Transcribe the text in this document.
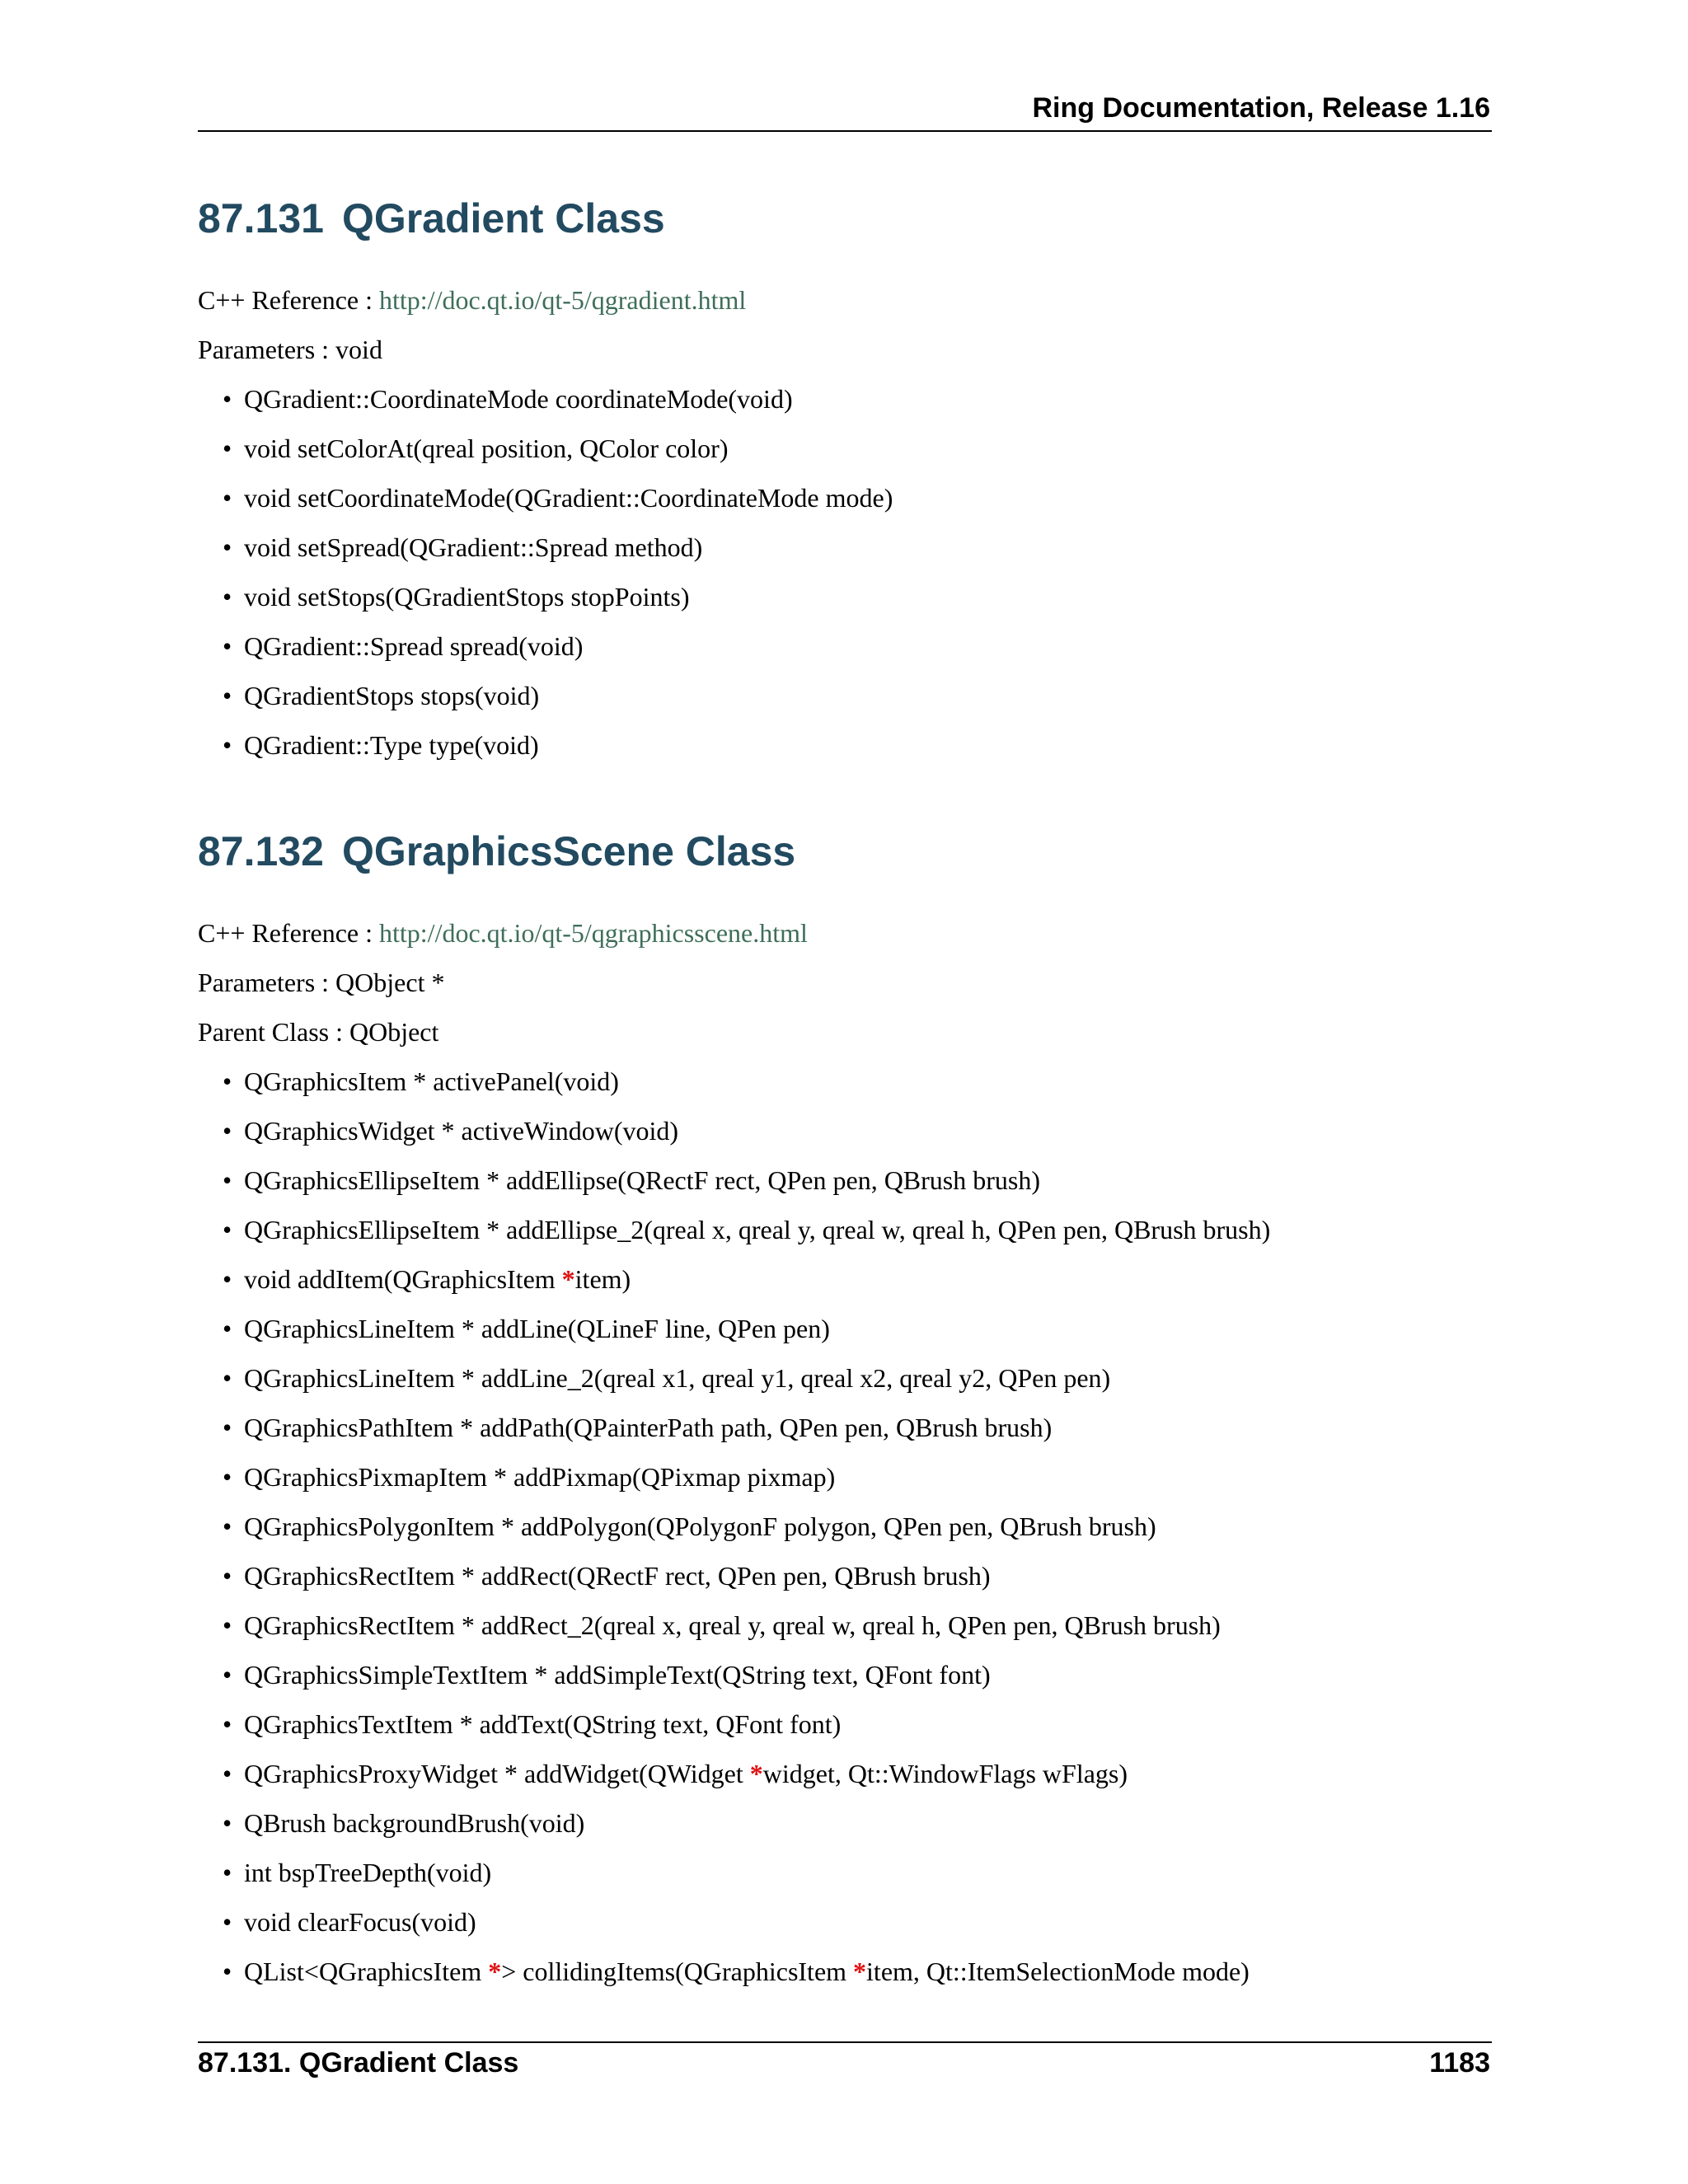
Ring Documentation, Release 1.16
87.131 QGradient Class
C++ Reference : http://doc.qt.io/qt-5/qgradient.html
Parameters : void
• QGradient::CoordinateMode coordinateMode(void)
• void setColorAt(qreal position, QColor color)
• void setCoordinateMode(QGradient::CoordinateMode mode)
• void setSpread(QGradient::Spread method)
• void setStops(QGradientStops stopPoints)
• QGradient::Spread spread(void)
• QGradientStops stops(void)
• QGradient::Type type(void)
87.132 QGraphicsScene Class
C++ Reference : http://doc.qt.io/qt-5/qgraphicsscene.html
Parameters : QObject *
Parent Class : QObject
• QGraphicsItem * activePanel(void)
• QGraphicsWidget * activeWindow(void)
• QGraphicsEllipseItem * addEllipse(QRectF rect, QPen pen, QBrush brush)
• QGraphicsEllipseItem * addEllipse_2(qreal x, qreal y, qreal w, qreal h, QPen pen, QBrush brush)
• void addItem(QGraphicsItem *item)
• QGraphicsLineItem * addLine(QLineF line, QPen pen)
• QGraphicsLineItem * addLine_2(qreal x1, qreal y1, qreal x2, qreal y2, QPen pen)
• QGraphicsPathItem * addPath(QPainterPath path, QPen pen, QBrush brush)
• QGraphicsPixmapItem * addPixmap(QPixmap pixmap)
• QGraphicsPolygonItem * addPolygon(QPolygonF polygon, QPen pen, QBrush brush)
• QGraphicsRectItem * addRect(QRectF rect, QPen pen, QBrush brush)
• QGraphicsRectItem * addRect_2(qreal x, qreal y, qreal w, qreal h, QPen pen, QBrush brush)
• QGraphicsSimpleTextItem * addSimpleText(QString text, QFont font)
• QGraphicsTextItem * addText(QString text, QFont font)
• QGraphicsProxyWidget * addWidget(QWidget *widget, Qt::WindowFlags wFlags)
• QBrush backgroundBrush(void)
• int bspTreeDepth(void)
• void clearFocus(void)
• QList<QGraphicsItem *> collidingItems(QGraphicsItem *item, Qt::ItemSelectionMode mode)
87.131. QGradient Class	1183
